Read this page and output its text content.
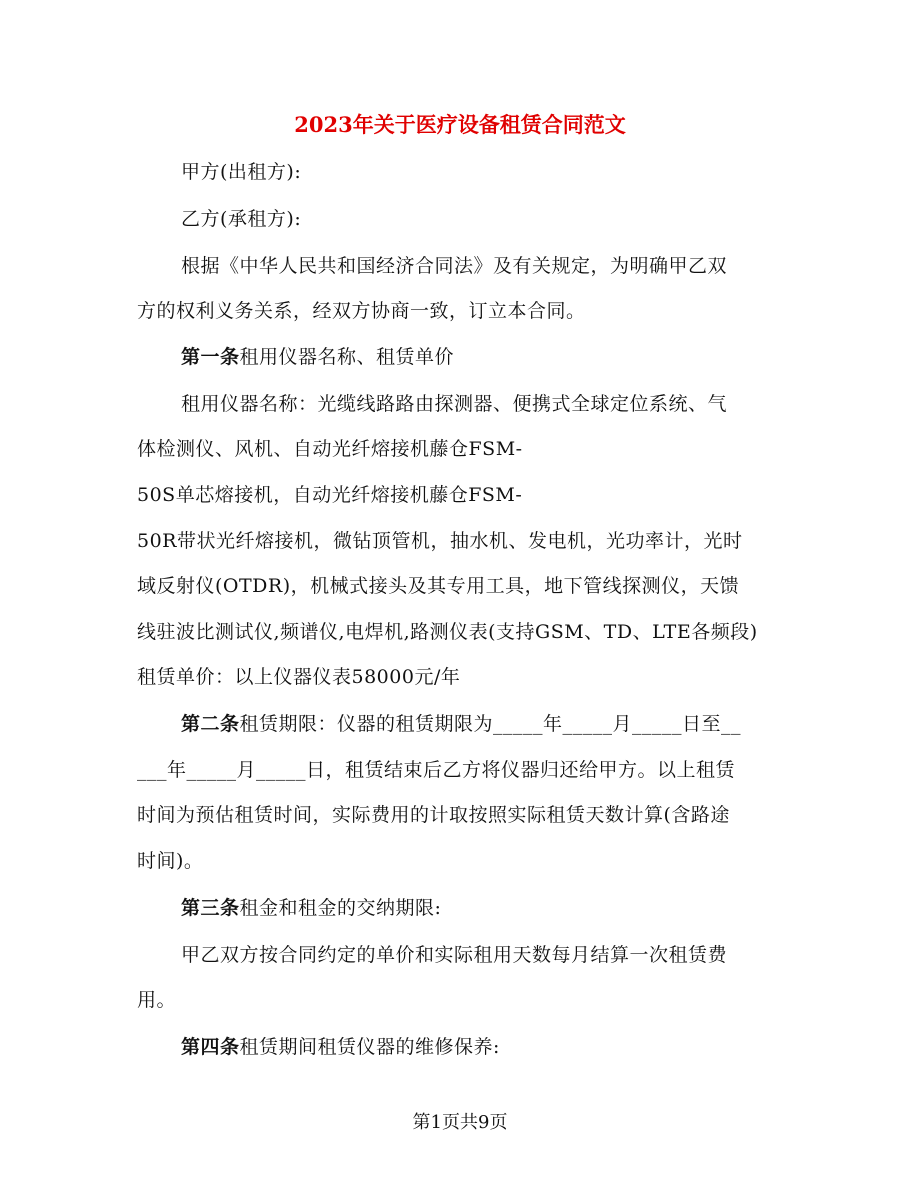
2023年关于医疗设备租赁合同范文
甲方(出租方):
乙方(承租方):
根据《中华人民共和国经济合同法》及有关规定，为明确甲乙双
方的权利义务关系，经双方协商一致，订立本合同。
第一条租用仪器名称、租赁单价
租用仪器名称：光缆线路路由探测器、便携式全球定位系统、气
体检测仪、风机、自动光纤熔接机藤仓FSM-
50S单芯熔接机，自动光纤熔接机藤仓FSM-
50R带状光纤熔接机，微钻顶管机，抽水机、发电机，光功率计，光时
域反射仪(OTDR)，机械式接头及其专用工具，地下管线探测仪，天馈
线驻波比测试仪,频谱仪,电焊机,路测仪表(支持GSM、TD、LTE各频段)
租赁单价：以上仪器仪表58000元/年
第二条租赁期限：仪器的租赁期限为_____年_____月_____日至__
___年_____月_____日，租赁结束后乙方将仪器归还给甲方。以上租赁
时间为预估租赁时间，实际费用的计取按照实际租赁天数计算(含路途
时间)。
第三条租金和租金的交纳期限:
甲乙双方按合同约定的单价和实际租用天数每月结算一次租赁费
用。
第四条租赁期间租赁仪器的维修保养:
第1页共9页
